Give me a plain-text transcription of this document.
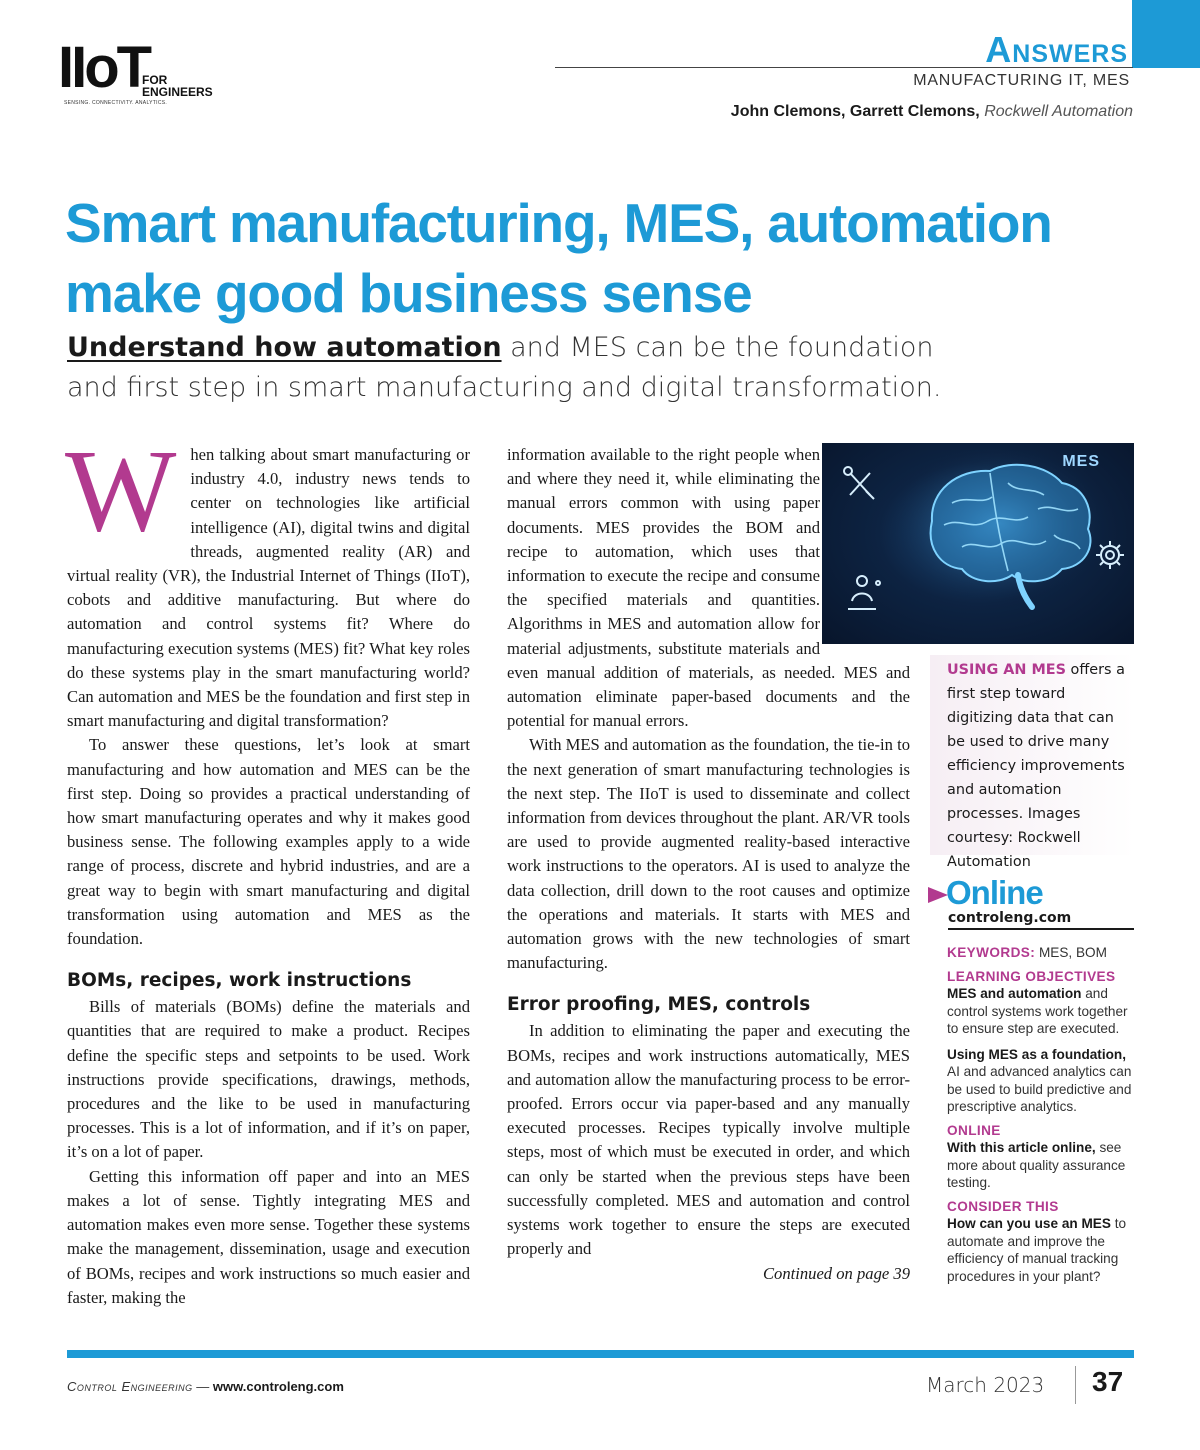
IIoT
FOR
ENGINEERS
SENSING. CONNECTIVITY. ANALYTICS.
Answers
MANUFACTURING IT, MES
John Clemons, Garrett Clemons, Rockwell Automation
Smart manufacturing, MES, automation make good business sense
Understand how automation and MES can be the foundation and first step in smart manufacturing and digital transformation.

When talking about smart manufacturing or industry 4.0, industry news tends to center on technologies like artificial intelligence (AI), digital twins and digital threads, augmented reality (AR) and virtual reality (VR), the Industrial Internet of Things (IIoT), cobots and additive manufacturing. But where do automation and control systems fit? Where do manufacturing execution systems (MES) fit? What key roles do these systems play in the smart manufacturing world? Can automation and MES be the foundation and first step in smart manufacturing and digital transformation?

To answer these questions, let’s look at smart manufacturing and how automation and MES can be the first step. Doing so provides a practical understanding of how smart manufacturing operates and why it makes good business sense. The following examples apply to a wide range of process, discrete and hybrid industries, and are a great way to begin with smart manufacturing and digital transformation using automation and MES as the foundation.

BOMs, recipes, work instructions

Bills of materials (BOMs) define the materials and quantities that are required to make a product. Recipes define the specific steps and setpoints to be used. Work instructions provide specifications, drawings, methods, procedures and the like to be used in manufacturing processes. This is a lot of information, and if it’s on paper, it’s on a lot of paper.

Getting this information off paper and into an MES makes a lot of sense. Tightly integrating MES and automation makes even more sense. Together these systems make the management, dissemination, usage and execution of BOMs, recipes and work instructions so much easier and faster, making the

information available to the right people when and where they need it, while eliminating the manual errors common with using paper documents. MES provides the BOM and recipe to automation, which uses that information to execute the recipe and consume the specified materials and quantities. Algorithms in MES and automation allow for material adjustments, substitute materials and even manual addition of materials, as needed. MES and automation eliminate paper-based documents and the potential for manual errors.

With MES and automation as the foundation, the tie-in to the next generation of smart manufacturing technologies is the next step. The IIoT is used to disseminate and collect information from devices throughout the plant. AR/VR tools are used to provide augmented reality-based interactive work instructions to the operators. AI is used to analyze the data collection, drill down to the root causes and optimize the operations and materials. It starts with MES and automation grows with the new technologies of smart manufacturing.

Error proofing, MES, controls

In addition to eliminating the paper and executing the BOMs, recipes and work instructions automatically, MES and automation allow the manufacturing process to be error-proofed. Errors occur via paper-based and any manually executed processes. Recipes typically involve multiple steps, most of which must be executed in order, and which can only be started when the previous steps have been successfully completed. MES and automation and control systems work together to ensure the steps are executed properly and

Continued on page 39

MES

USING AN MES offers a first step toward digitizing data that can be used to drive many efficiency improvements and automation processes. Images courtesy: Rockwell Automation

Online
controleng.com
KEYWORDS: MES, BOM
LEARNING OBJECTIVES
MES and automation and control systems work together to ensure step are executed.
Using MES as a foundation, AI and advanced analytics can be used to build predictive and prescriptive analytics.
ONLINE
With this article online, see more about quality assurance testing.
CONSIDER THIS
How can you use an MES to automate and improve the efficiency of manual tracking procedures in your plant?
Control Engineering — www.controleng.com	March 2023 37
